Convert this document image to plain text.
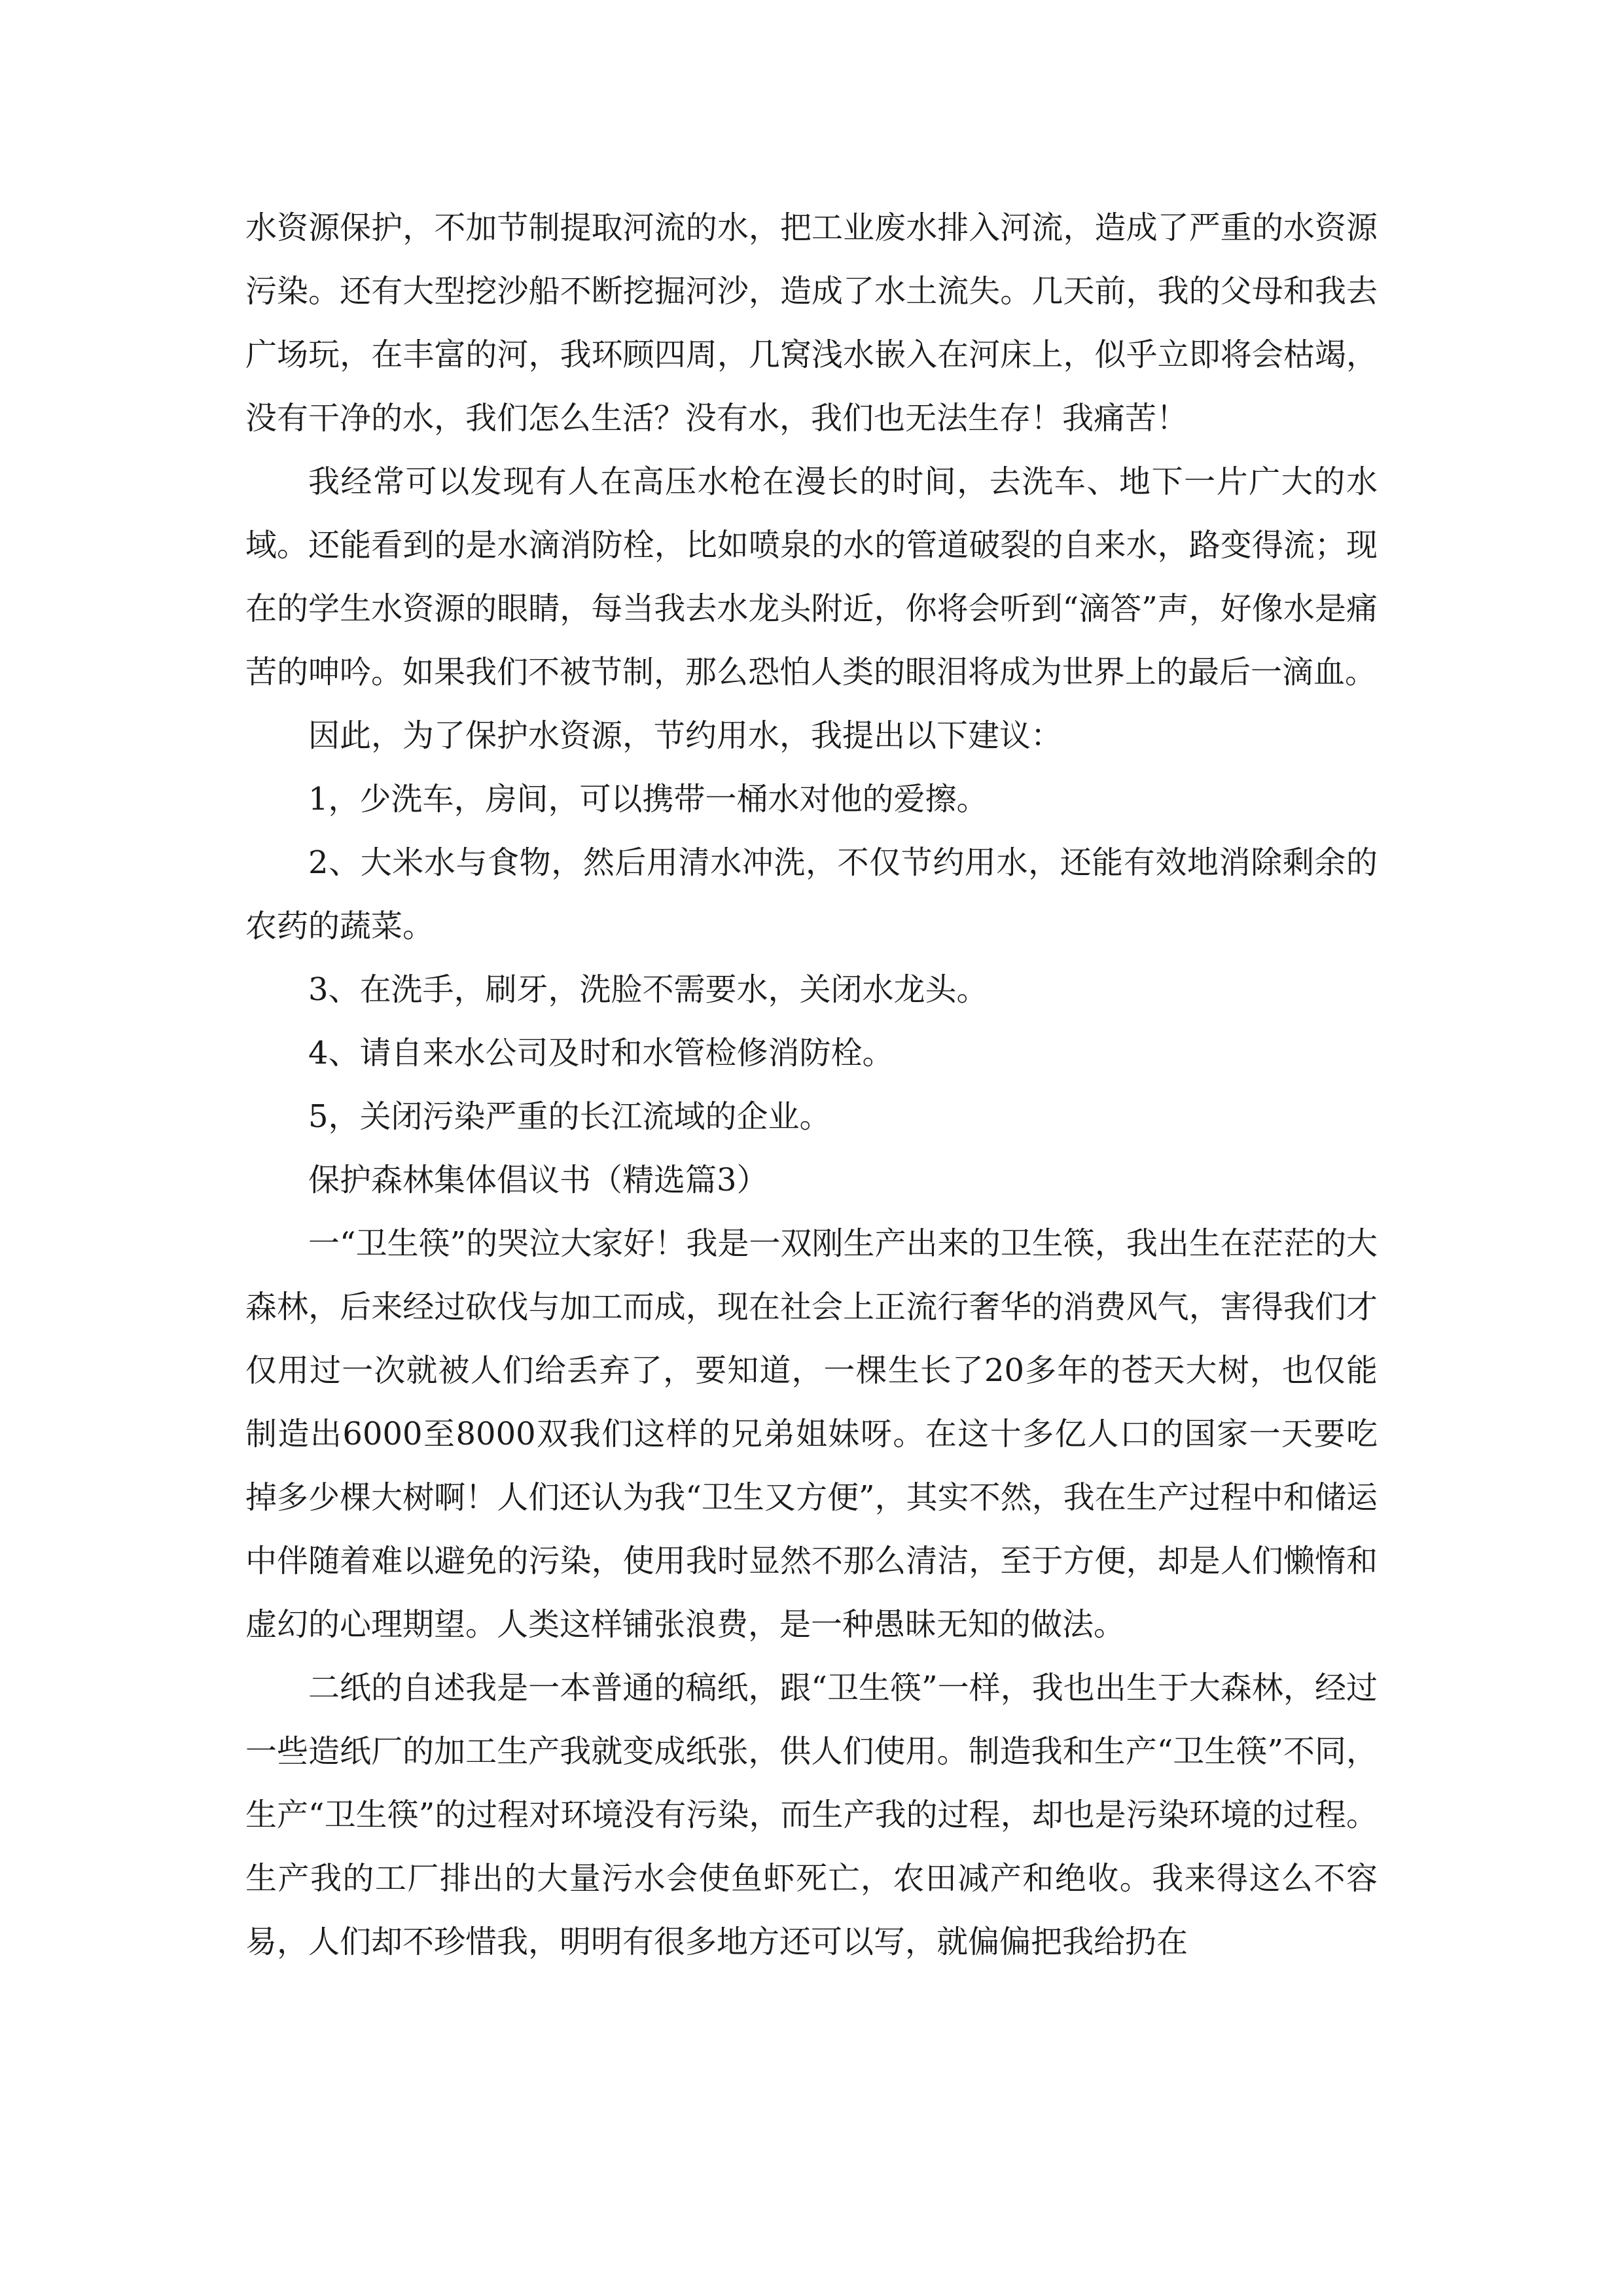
水资源保护，不加节制提取河流的水，把工业废水排入河流，造成了严重的水资源污染。还有大型挖沙船不断挖掘河沙，造成了水土流失。几天前，我的父母和我去广场玩，在丰富的河，我环顾四周，几窝浅水嵌入在河床上，似乎立即将会枯竭，没有干净的水，我们怎么生活？没有水，我们也无法生存！我痛苦！

我经常可以发现有人在高压水枪在漫长的时间，去洗车、地下一片广大的水域。还能看到的是水滴消防栓，比如喷泉的水的管道破裂的自来水，路变得流；现在的学生水资源的眼睛，每当我去水龙头附近，你将会听到“滴答”声，好像水是痛苦的呻吟。如果我们不被节制，那么恐怕人类的眼泪将成为世界上的最后一滴血。

因此，为了保护水资源，节约用水，我提出以下建议：

1，少洗车，房间，可以携带一桶水对他的爱擦。

2、大米水与食物，然后用清水冲洗，不仅节约用水，还能有效地消除剩余的农药的蔬菜。

3、在洗手，刷牙，洗脸不需要水，关闭水龙头。

4、请自来水公司及时和水管检修消防栓。

5，关闭污染严重的长江流域的企业。

保护森林集体倡议书（精选篇3）

一“卫生筷”的哭泣大家好！我是一双刚生产出来的卫生筷，我出生在茫茫的大森林，后来经过砍伐与加工而成，现在社会上正流行奢华的消费风气，害得我们才仅用过一次就被人们给丢弃了，要知道，一棵生长了20多年的苍天大树，也仅能制造出6000至8000双我们这样的兄弟姐妹呀。在这十多亿人口的国家一天要吃掉多少棵大树啊！人们还认为我“卫生又方便”，其实不然，我在生产过程中和储运中伴随着难以避免的污染，使用我时显然不那么清洁，至于方便，却是人们懒惰和虚幻的心理期望。人类这样铺张浪费，是一种愚昧无知的做法。

二纸的自述我是一本普通的稿纸，跟“卫生筷”一样，我也出生于大森林，经过一些造纸厂的加工生产我就变成纸张，供人们使用。制造我和生产“卫生筷”不同，生产“卫生筷”的过程对环境没有污染，而生产我的过程，却也是污染环境的过程。生产我的工厂排出的大量污水会使鱼虾死亡，农田减产和绝收。我来得这么不容易，人们却不珍惜我，明明有很多地方还可以写，就偏偏把我给扔在
